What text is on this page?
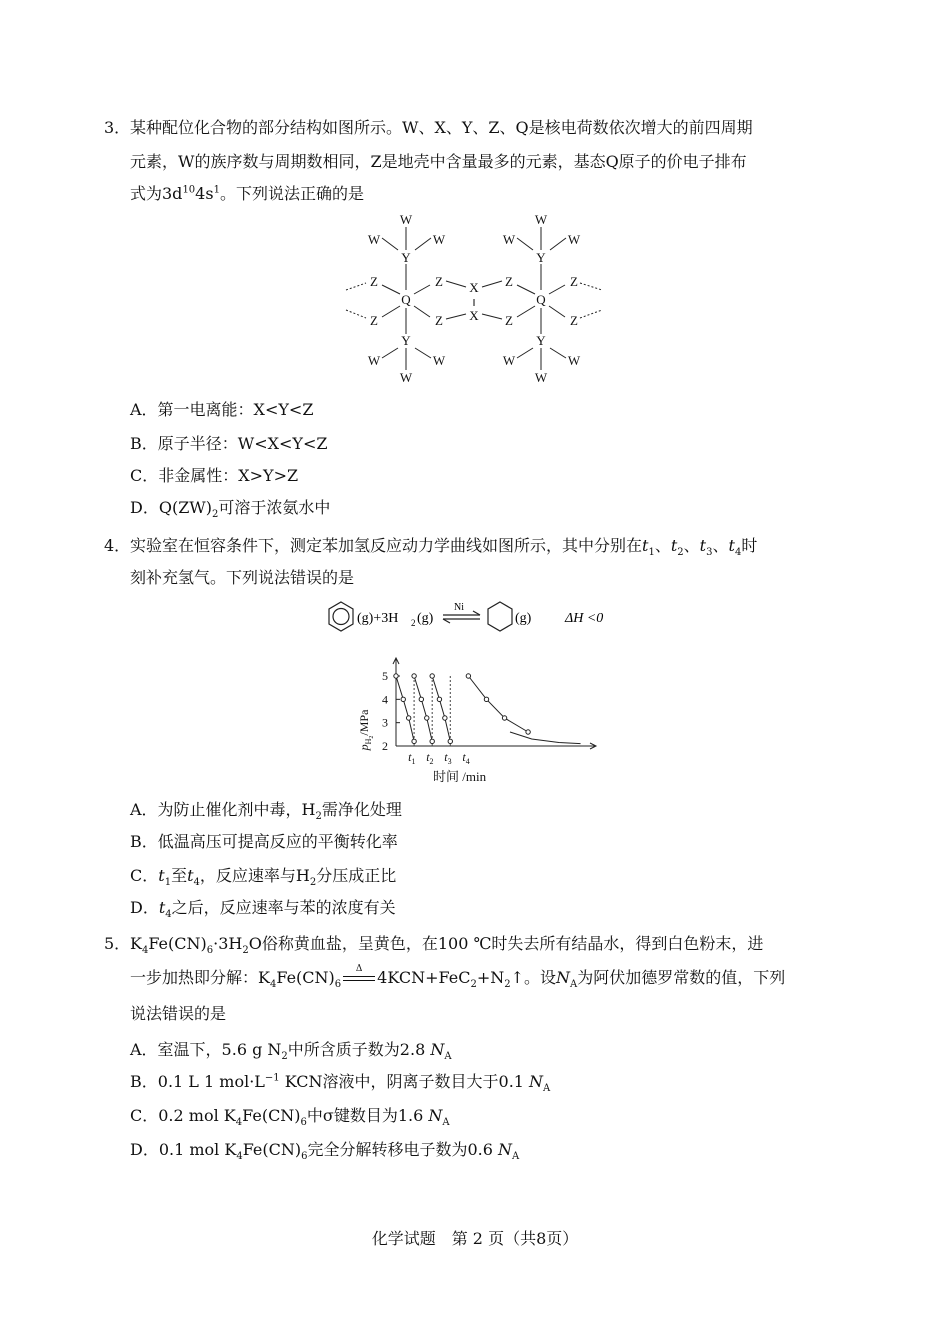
3．某种配位化合物的部分结构如图所示。W、X、Y、Z、Q是核电荷数依次增大的前四周期
元素，W的族序数与周期数相同，Z是地壳中含量最多的元素，基态Q原子的价电子排布
式为$3d^{10}4s^1$。下列说法正确的是
W
W	W
Y
Z	Z
Q
Z	Z
Y
W	W
W
X
‖
X
W
W	W
Y
Z	Z
Q
Z	Z
Y
W	W
W
A．第一电离能：X<Y<Z
B．原子半径：W<X<Y<Z
C．非金属性：X>Y>Z
D．$Q(ZW)_2$可溶于浓氨水中
4．实验室在恒容条件下，测定苯加氢反应动力学曲线如图所示，其中分别在$t_1$、$t_2$、$t_3$、$t_4$时
刻补充氢气。下列说法错误的是
(g)+3H 2 (g)
Ni
(g) ΔH <0
2
3
4
5
$t_1$ $t_2$ $t_3$ $t_4$
$p_H2$/MPa
时间 /min
A．为防止催化剂中毒，$H_2$需净化处理
B．低温高压可提高反应的平衡转化率
C．$t_1$至$t_4$，反应速率与$H_2$分压成正比
D．$t_4$之后，反应速率与苯的浓度有关
5．$K_4Fe(CN)_6\cdot 3H_2O$俗称黄血盐，呈黄色，在100 ℃时失去所有结晶水，得到白色粉末，进
一步加热即分解：$K_4Fe(CN)_6$
Δ $4KCN+FeC_2+N_2↑$。设$N_A$为阿伏加德罗常数的值，下列
说法错误的是
A．室温下，5.6 g $N_2$中所含质子数为2.8 $N_A$
B．0.1 L 1 $mol\cdot L^{-1}$ KCN溶液中，阴离子数目大于0.1 $N_A$
C．0.2 mol $K_4Fe(CN)_6$中σ键数目为1.6 $N_A$
D．0.1 mol $K_4Fe(CN)_6$完全分解转移电子数为0.6 $N_A$
化学试题　第 2 页（共8页）
